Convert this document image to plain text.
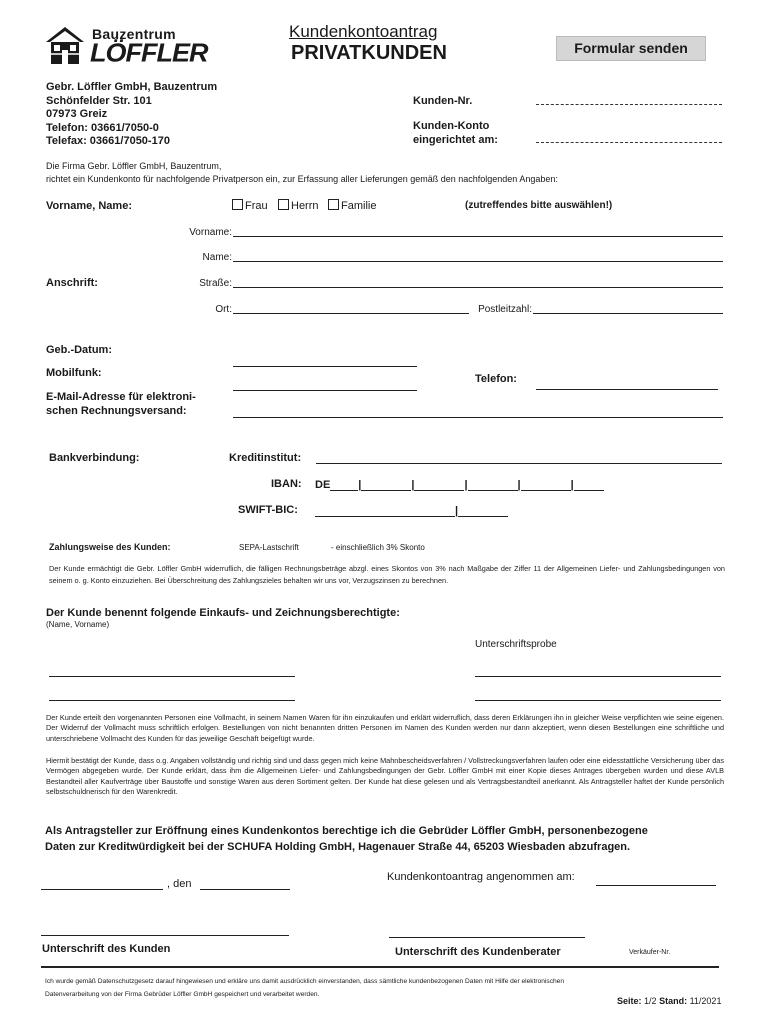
Bauzentrum
LÖFFLER
Kundenkontoantrag
PRIVATKUNDEN	Formular senden
Gebr. Löffler GmbH, Bauzentrum
Schönfelder Str. 101
07973 Greiz
Telefon: 03661/7050-0
Telefax: 03661/7050-170
Kunden-Nr.
Kunden-Konto
eingerichtet am:
Die Firma Gebr. Löffler GmbH, Bauzentrum,
richtet ein Kundenkonto für nachfolgende Privatperson ein, zur Erfassung aller Lieferungen gemäß den nachfolgenden Angaben:
Vorname, Name:	Frau	Herrn	Familie	(zutreffendes bitte auswählen!)
Vorname:
Name:
Anschrift:	Straße:
Ort:	Postleitzahl:
Geb.-Datum:
Mobilfunk:	Telefon:
E-Mail-Adresse für elektroni-
schen Rechnungsversand:
Bankverbindung:	Kreditinstitut:
IBAN: DE	|	|	|	|	|
SWIFT-BIC:	|
Zahlungsweise des Kunden:	SEPA-Lastschrift	- einschließlich 3% Skonto
Der Kunde ermächtigt die Gebr. Löffler GmbH widerruflich, die fälligen Rechnungsbeträge abzgl. eines Skontos von 3% nach Maßgabe der Ziffer 11 der Allgemeinen Liefer- und Zahlungsbedingungen von seinem o. g. Konto einzuziehen. Bei Überschreitung des Zahlungszieles behalten wir uns vor, Verzugszinsen zu berechnen.
Der Kunde benennt folgende Einkaufs- und Zeichnungsberechtigte:
(Name, Vorname)
Unterschriftsprobe
Der Kunde erteilt den vorgenannten Personen eine Vollmacht, in seinem Namen Waren für ihn einzukaufen und erklärt widerruflich, dass deren Erklärungen ihn in gleicher Weise verpflichten wie seine eigenen. Der Widerruf der Vollmacht muss schriftlich erfolgen. Bestellungen von nicht benannten dritten Personen im Namen des Kunden werden nur dann akzeptiert, wenn diesen Bestellungen eine schriftliche und unterschriebene Vollmacht des Kunden für das jeweilige Geschäft beigefügt wurde.
Hiermit bestätigt der Kunde, dass o.g. Angaben vollständig und richtig sind und dass gegen mich keine Mahnbescheidsverfahren / Vollstreckungsverfahren laufen oder eine eidesstattliche Versicherung über das Vermögen abgegeben wurde. Der Kunde erklärt, dass ihm die Allgemeinen Liefer- und Zahlungsbedingungen der Gebr. Löffler GmbH mit einer Kopie dieses Antrages übergeben wurden und diese AVLB Bestandteil aller Kaufverträge über Baustoffe und sonstige Waren aus deren Sortiment gelten. Der Kunde hat diese gelesen und als Vertragsbestandteil anerkannt. Als Antragsteller haftet der Kunde persönlich selbstschuldnerisch für den Warenkredit.
Als Antragsteller zur Eröffnung eines Kundenkontos berechtige ich die Gebrüder Löffler GmbH, personenbezogene
Daten zur Kreditwürdigkeit bei der SCHUFA Holding GmbH, Hagenauer Straße 44, 65203 Wiesbaden abzufragen.
, den
Kundenkontoantrag angenommen am:
Unterschrift des Kunden	Unterschrift des Kundenberater	Verkäufer-Nr.
Ich wurde gemäß Datenschutzgesetz darauf hingewiesen und erkläre uns damit ausdrücklich einverstanden, dass sämtliche kundenbezogenen Daten mit Hilfe der elektronischen
Datenverarbeitung von der Firma Gebrüder Löffler GmbH gespeichert und verarbeitet werden.
Seite: 1/2 Stand: 11/2021
